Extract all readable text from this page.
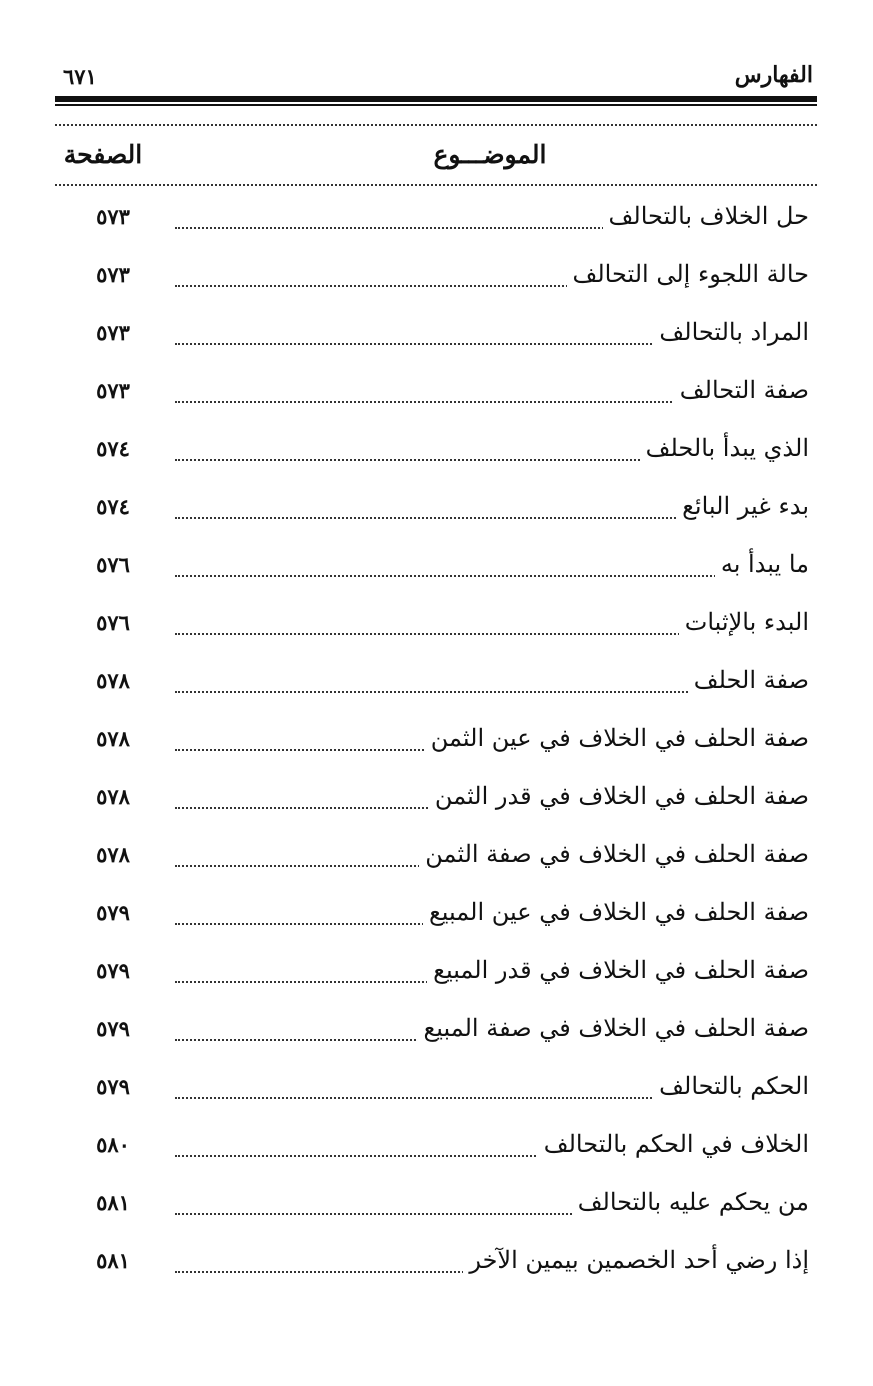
الفهارس
٦٧١
الموضـــوع
الصفحة
حل الخلاف بالتحالف
٥٧٣
حالة اللجوء إلى التحالف
٥٧٣
المراد بالتحالف
٥٧٣
صفة التحالف
٥٧٣
الذي يبدأ بالحلف
٥٧٤
بدء غير البائع
٥٧٤
ما يبدأ به
٥٧٦
البدء بالإثبات
٥٧٦
صفة الحلف
٥٧٨
صفة الحلف في الخلاف في عين الثمن
٥٧٨
صفة الحلف في الخلاف في قدر الثمن
٥٧٨
صفة الحلف في الخلاف في صفة الثمن
٥٧٨
صفة الحلف في الخلاف في عين المبيع
٥٧٩
صفة الحلف في الخلاف في قدر المبيع
٥٧٩
صفة الحلف في الخلاف في صفة المبيع
٥٧٩
الحكم بالتحالف
٥٧٩
الخلاف في الحكم بالتحالف
٥٨٠
من يحكم عليه بالتحالف
٥٨١
إذا رضي أحد الخصمين بيمين الآخر
٥٨١
